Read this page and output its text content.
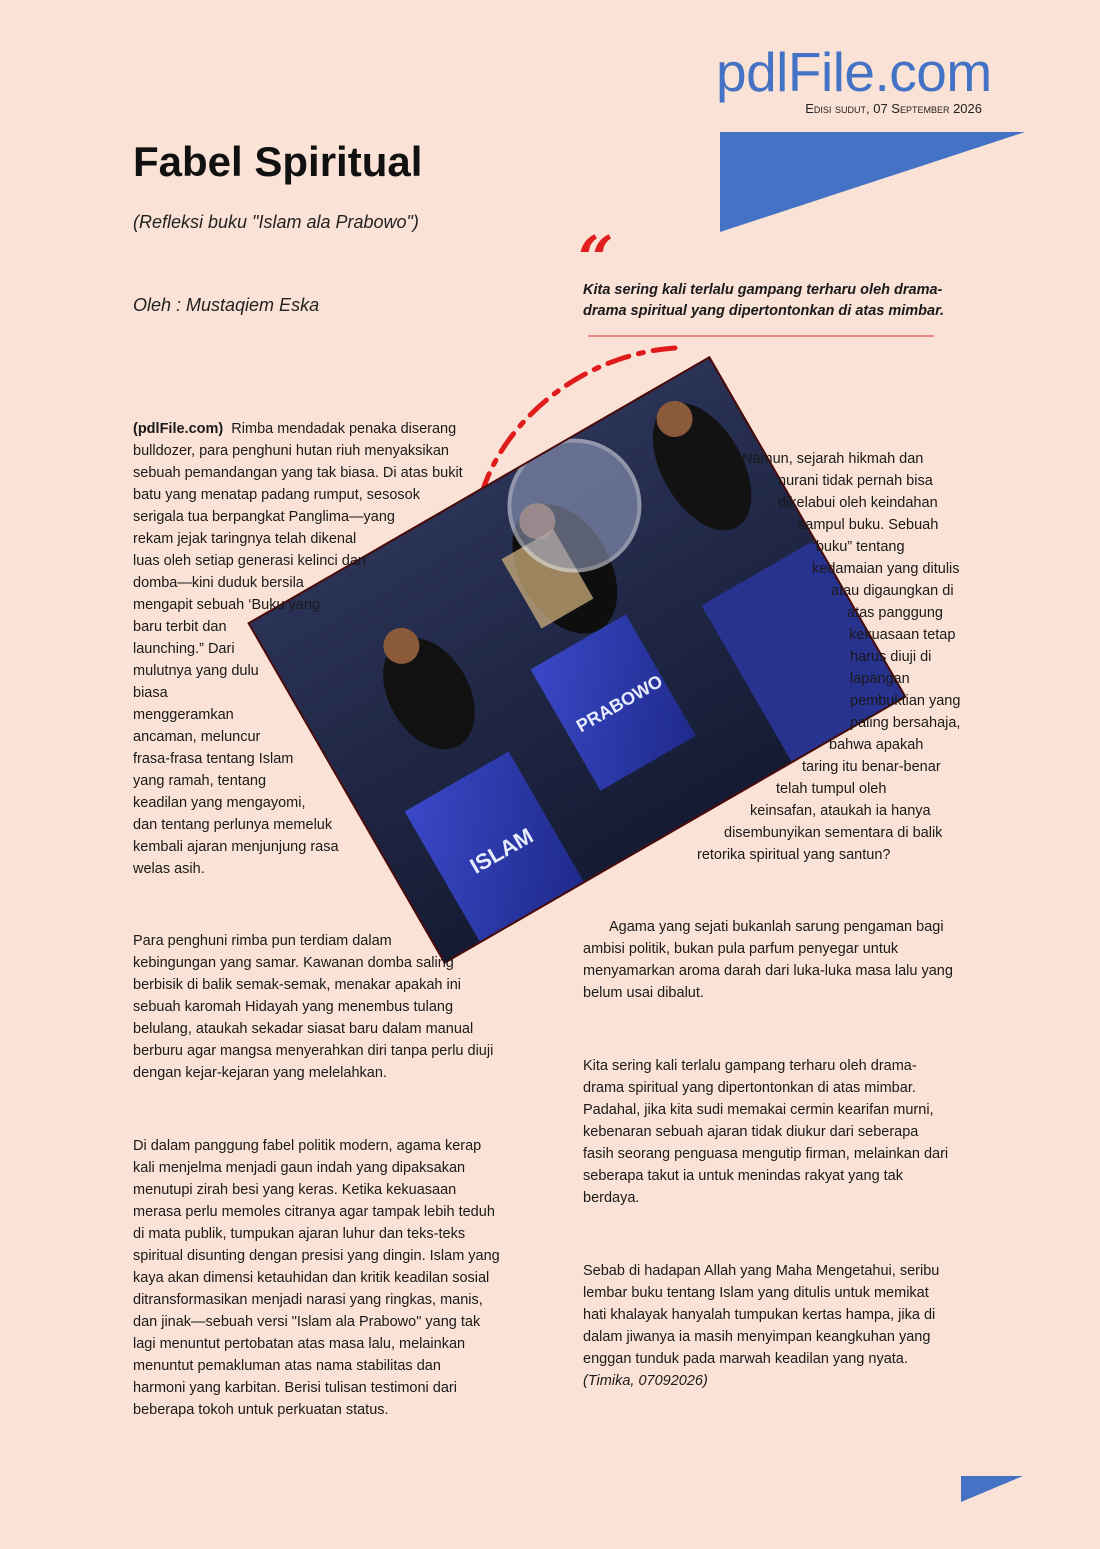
pdlFile.com
Edisi sudut, 07 September 2026
Fabel Spiritual
(Refleksi buku "Islam ala Prabowo")
Oleh : Mustaqiem Eska
“
Kita sering kali terlalu gampang terharu oleh drama-drama spiritual yang dipertontonkan di atas mimbar.
ISLAM
PRABOWO
(pdlFile.com) Rimba mendadak penaka diserang
bulldozer, para penghuni hutan riuh menyaksikan
sebuah pemandangan yang tak biasa. Di atas bukit
batu yang menatap padang rumput, sesosok
serigala tua berpangkat Panglima—yang
rekam jejak taringnya telah dikenal
luas oleh setiap generasi kelinci dan
domba—kini duduk bersila
mengapit sebuah ‘Buku yang
baru terbit dan
launching.” Dari
mulutnya yang dulu
biasa
menggeramkan
ancaman, meluncur
frasa-frasa tentang Islam
yang ramah, tentang
keadilan yang mengayomi,
dan tentang perlunya memeluk
kembali ajaran menjunjung rasa
welas asih.
Namun, sejarah hikmah dan
nurani tidak pernah bisa
dikelabui oleh keindahan
sampul buku. Sebuah
“buku” tentang
kedamaian yang ditulis
atau digaungkan di
atas panggung
kekuasaan tetap
harus diuji di
lapangan
pembuktian yang
paling bersahaja,
bahwa apakah
taring itu benar-benar
telah tumpul oleh
keinsafan, ataukah ia hanya
disembunyikan sementara di balik
retorika spiritual yang santun?
Para penghuni rimba pun terdiam dalam
kebingungan yang samar. Kawanan domba saling
berbisik di balik semak-semak, menakar apakah ini
sebuah karomah Hidayah yang menembus tulang
belulang, ataukah sekadar siasat baru dalam manual
berburu agar mangsa menyerahkan diri tanpa perlu diuji
dengan kejar-kejaran yang melelahkan.
Di dalam panggung fabel politik modern, agama kerap
kali menjelma menjadi gaun indah yang dipaksakan
menutupi zirah besi yang keras. Ketika kekuasaan
merasa perlu memoles citranya agar tampak lebih teduh
di mata publik, tumpukan ajaran luhur dan teks-teks
spiritual disunting dengan presisi yang dingin. Islam yang
kaya akan dimensi ketauhidan dan kritik keadilan sosial
ditransformasikan menjadi narasi yang ringkas, manis,
dan jinak—sebuah versi "Islam ala Prabowo" yang tak
lagi menuntut pertobatan atas masa lalu, melainkan
menuntut pemakluman atas nama stabilitas dan
harmoni yang karbitan. Berisi tulisan testimoni dari
beberapa tokoh untuk perkuatan status.
Agama yang sejati bukanlah sarung pengaman bagi
ambisi politik, bukan pula parfum penyegar untuk
menyamarkan aroma darah dari luka-luka masa lalu yang
belum usai dibalut.
Kita sering kali terlalu gampang terharu oleh drama-
drama spiritual yang dipertontonkan di atas mimbar.
Padahal, jika kita sudi memakai cermin kearifan murni,
kebenaran sebuah ajaran tidak diukur dari seberapa
fasih seorang penguasa mengutip firman, melainkan dari
seberapa takut ia untuk menindas rakyat yang tak
berdaya.
Sebab di hadapan Allah yang Maha Mengetahui, seribu
lembar buku tentang Islam yang ditulis untuk memikat
hati khalayak hanyalah tumpukan kertas hampa, jika di
dalam jiwanya ia masih menyimpan keangkuhan yang
enggan tunduk pada marwah keadilan yang nyata.
(Timika, 07092026)
